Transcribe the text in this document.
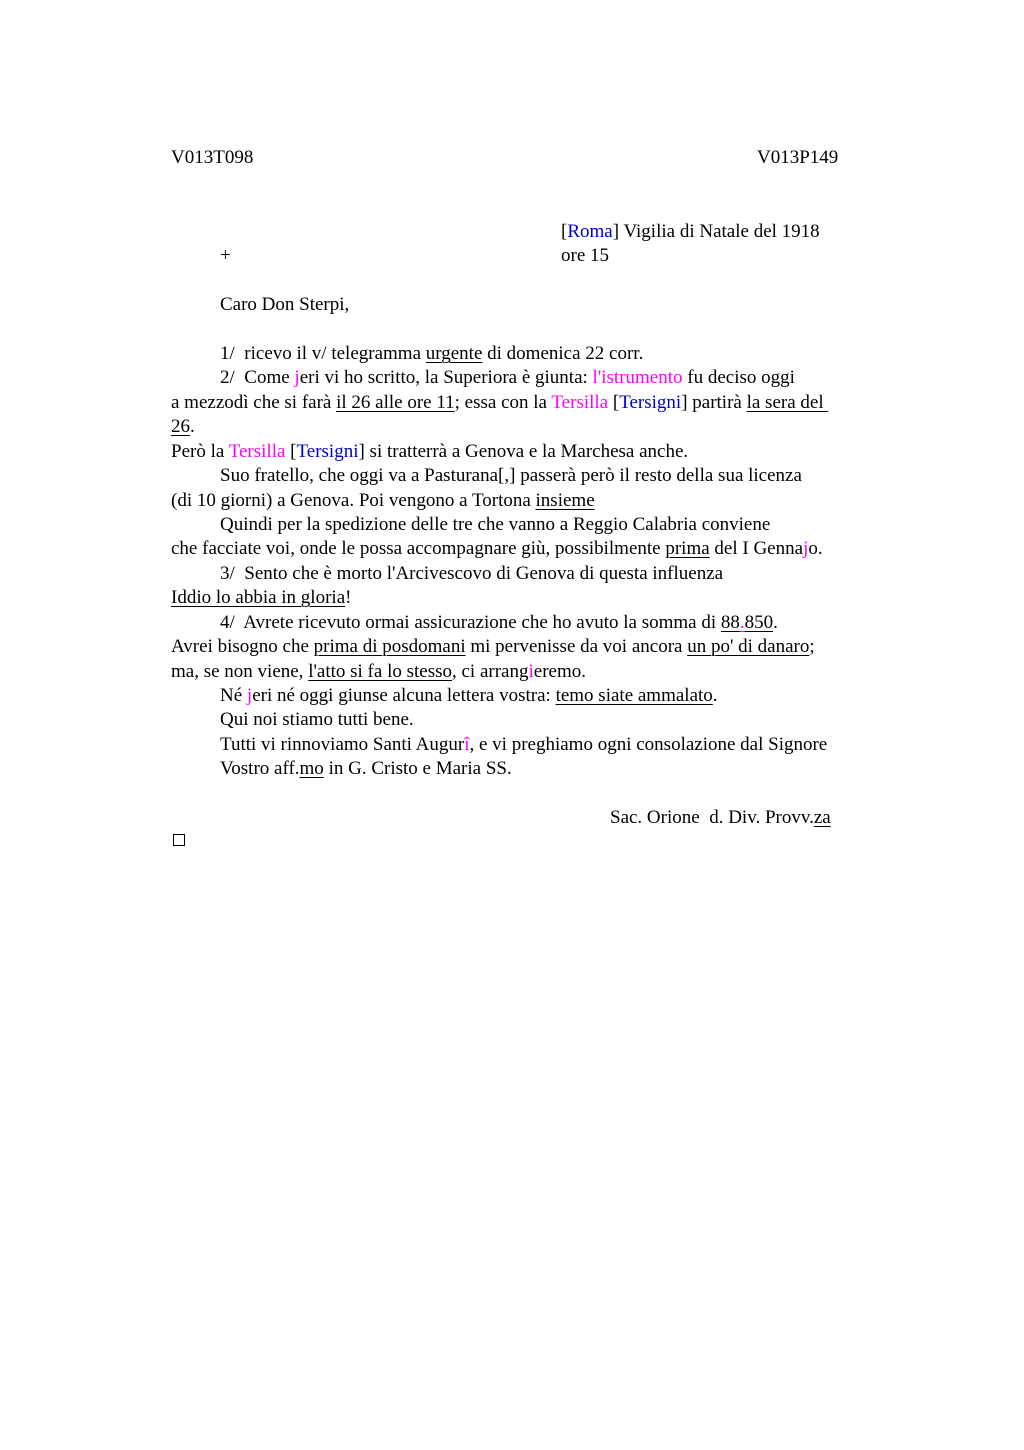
V013T098	V013P149
[Roma] Vigilia di Natale del 1918
+	ore 15
Caro Don Sterpi,
1/  ricevo il v/ telegramma urgente di domenica 22 corr.
2/  Come jeri vi ho scritto, la Superiora è giunta: l'istrumento fu deciso oggi
a mezzodì che si farà il 26 alle ore 11; essa con la Tersilla [Tersigni] partirà la sera del
26.
Però la Tersilla [Tersigni] si tratterrà a Genova e la Marchesa anche.
Suo fratello, che oggi va a Pasturana[,] passerà però il resto della sua licenza
(di 10 giorni) a Genova. Poi vengono a Tortona insieme
Quindi per la spedizione delle tre che vanno a Reggio Calabria conviene
che facciate voi, onde le possa accompagnare giù, possibilmente prima del I Gennajo.
3/  Sento che è morto l'Arcivescovo di Genova di questa influenza
Iddio lo abbia in gloria!
4/  Avrete ricevuto ormai assicurazione che ho avuto la somma di 88.850.
Avrei bisogno che prima di posdomani mi pervenisse da voi ancora un po' di danaro;
ma, se non viene, l'atto si fa lo stesso, ci arrangieremo.
Né jeri né oggi giunse alcuna lettera vostra: temo siate ammalato.
Qui noi stiamo tutti bene.
Tutti vi rinnoviamo Santi Augurî, e vi preghiamo ogni consolazione dal Signore
Vostro aff.mo in G. Cristo e Maria SS.
Sac. Orione  d. Div. Provv.za
